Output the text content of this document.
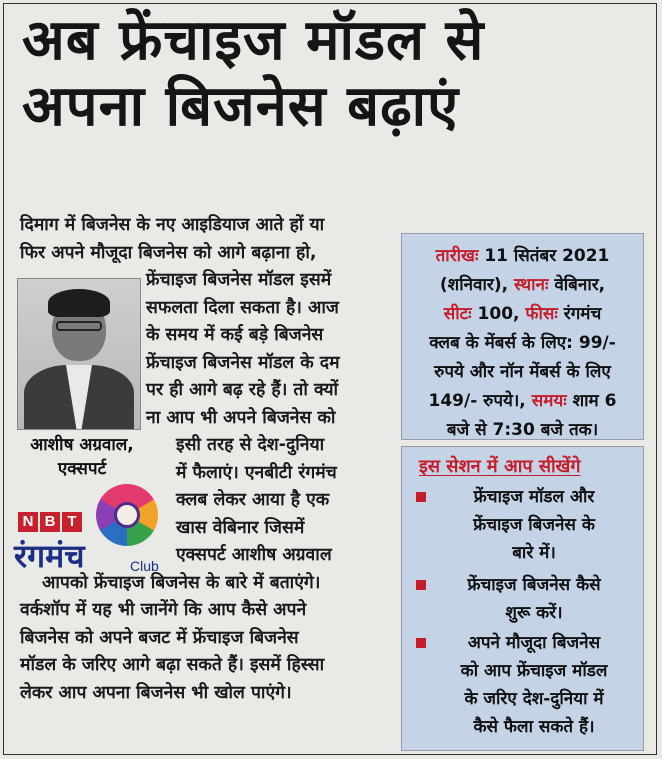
अब फ्रेंचाइज मॉडल से
अपना बिजनेस बढ़ाएं
दिमाग में बिजनेस के नए आइडियाज आते हों या
फिर अपने मौजूदा बिजनेस को आगे बढ़ाना हो,
फ्रेंचाइज बिजनेस मॉडल इसमें
सफलता दिला सकता है। आज
के समय में कई बड़े बिजनेस
फ्रेंचाइज बिजनेस मॉडल के दम
पर ही आगे बढ़ रहे हैं। तो क्यों
ना आप भी अपने बिजनेस को
इसी तरह से देश-दुनिया
में फैलाएं। एनबीटी रंगमंच
क्लब लेकर आया है एक
खास वेबिनार जिसमें
एक्सपर्ट आशीष अग्रवाल
आपको फ्रेंचाइज बिजनेस के बारे में बताएंगे।
वर्कशॉप में यह भी जानेंगे कि आप कैसे अपने
बिजनेस को अपने बजट में फ्रेंचाइज बिजनेस
मॉडल के जरिए आगे बढ़ा सकते हैं। इसमें हिस्सा
लेकर आप अपना बिजनेस भी खोल पाएंगे।
आशीष अग्रवाल,
एक्सपर्ट
N B T
रंगमंच	Club
तारीखः 11 सितंबर 2021
(शनिवार), स्थानः वेबिनार,
सीटः 100, फीसः रंगमंच
क्लब के मेंबर्स के लिए: 99/-
रुपये और नॉन मेंबर्स के लिए
149/- रुपये।, समयः शाम 6
बजे से 7:30 बजे तक।
इस सेशन में आप सीखेंगे
फ्रेंचाइज मॉडल और
फ्रेंचाइज बिजनेस के
बारे में।
फ्रेंचाइज बिजनेस कैसे
शुरू करें।
अपने मौजूदा बिजनेस
को आप फ्रेंचाइज मॉडल
के जरिए देश-दुनिया में
कैसे फैला सकते हैं।
